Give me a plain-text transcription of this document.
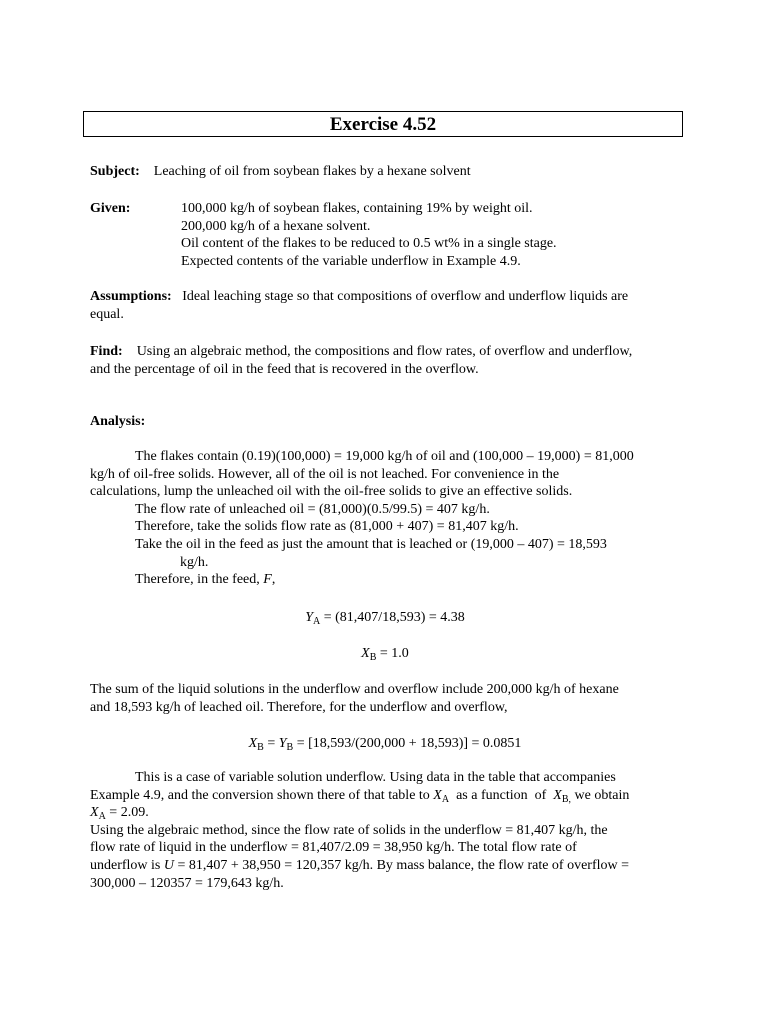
Exercise 4.52
Subject: Leaching of oil from soybean flakes by a hexane solvent
Given:	100,000 kg/h of soybean flakes, containing 19% by weight oil.
200,000 kg/h of a hexane solvent.
Oil content of the flakes to be reduced to 0.5 wt% in a single stage.
Expected contents of the variable underflow in Example 4.9.
Assumptions: Ideal leaching stage so that compositions of overflow and underflow liquids are
equal.
Find: Using an algebraic method, the compositions and flow rates, of overflow and underflow,
and the percentage of oil in the feed that is recovered in the overflow.
Analysis:
The flakes contain (0.19)(100,000) = 19,000 kg/h of oil and (100,000 – 19,000) = 81,000
kg/h of oil-free solids. However, all of the oil is not leached. For convenience in the
calculations, lump the unleached oil with the oil-free solids to give an effective solids.
The flow rate of unleached oil = (81,000)(0.5/99.5) = 407 kg/h.
Therefore, take the solids flow rate as (81,000 + 407) = 81,407 kg/h.
Take the oil in the feed as just the amount that is leached or (19,000 – 407) = 18,593
kg/h.
Therefore, in the feed, F,
$Y_A = (81,407/18,593) = 4.38$
$X_B = 1.0$
The sum of the liquid solutions in the underflow and overflow include 200,000 kg/h of hexane
and 18,593 kg/h of leached oil. Therefore, for the underflow and overflow,
$X_B = Y_B = [18,593/(200,000 + 18,593)] = 0.0851$
This is a case of variable solution underflow. Using data in the table that accompanies
Example 4.9, and the conversion shown there of that table to $X_A$  as a function  of  $X_{B,}$ we obtain
$X_A = 2.09$.
Using the algebraic method, since the flow rate of solids in the underflow = 81,407 kg/h, the
flow rate of liquid in the underflow = 81,407/2.09 = 38,950 kg/h. The total flow rate of
underflow is U = 81,407 + 38,950 = 120,357 kg/h. By mass balance, the flow rate of overflow =
300,000 – 120357 = 179,643 kg/h.
